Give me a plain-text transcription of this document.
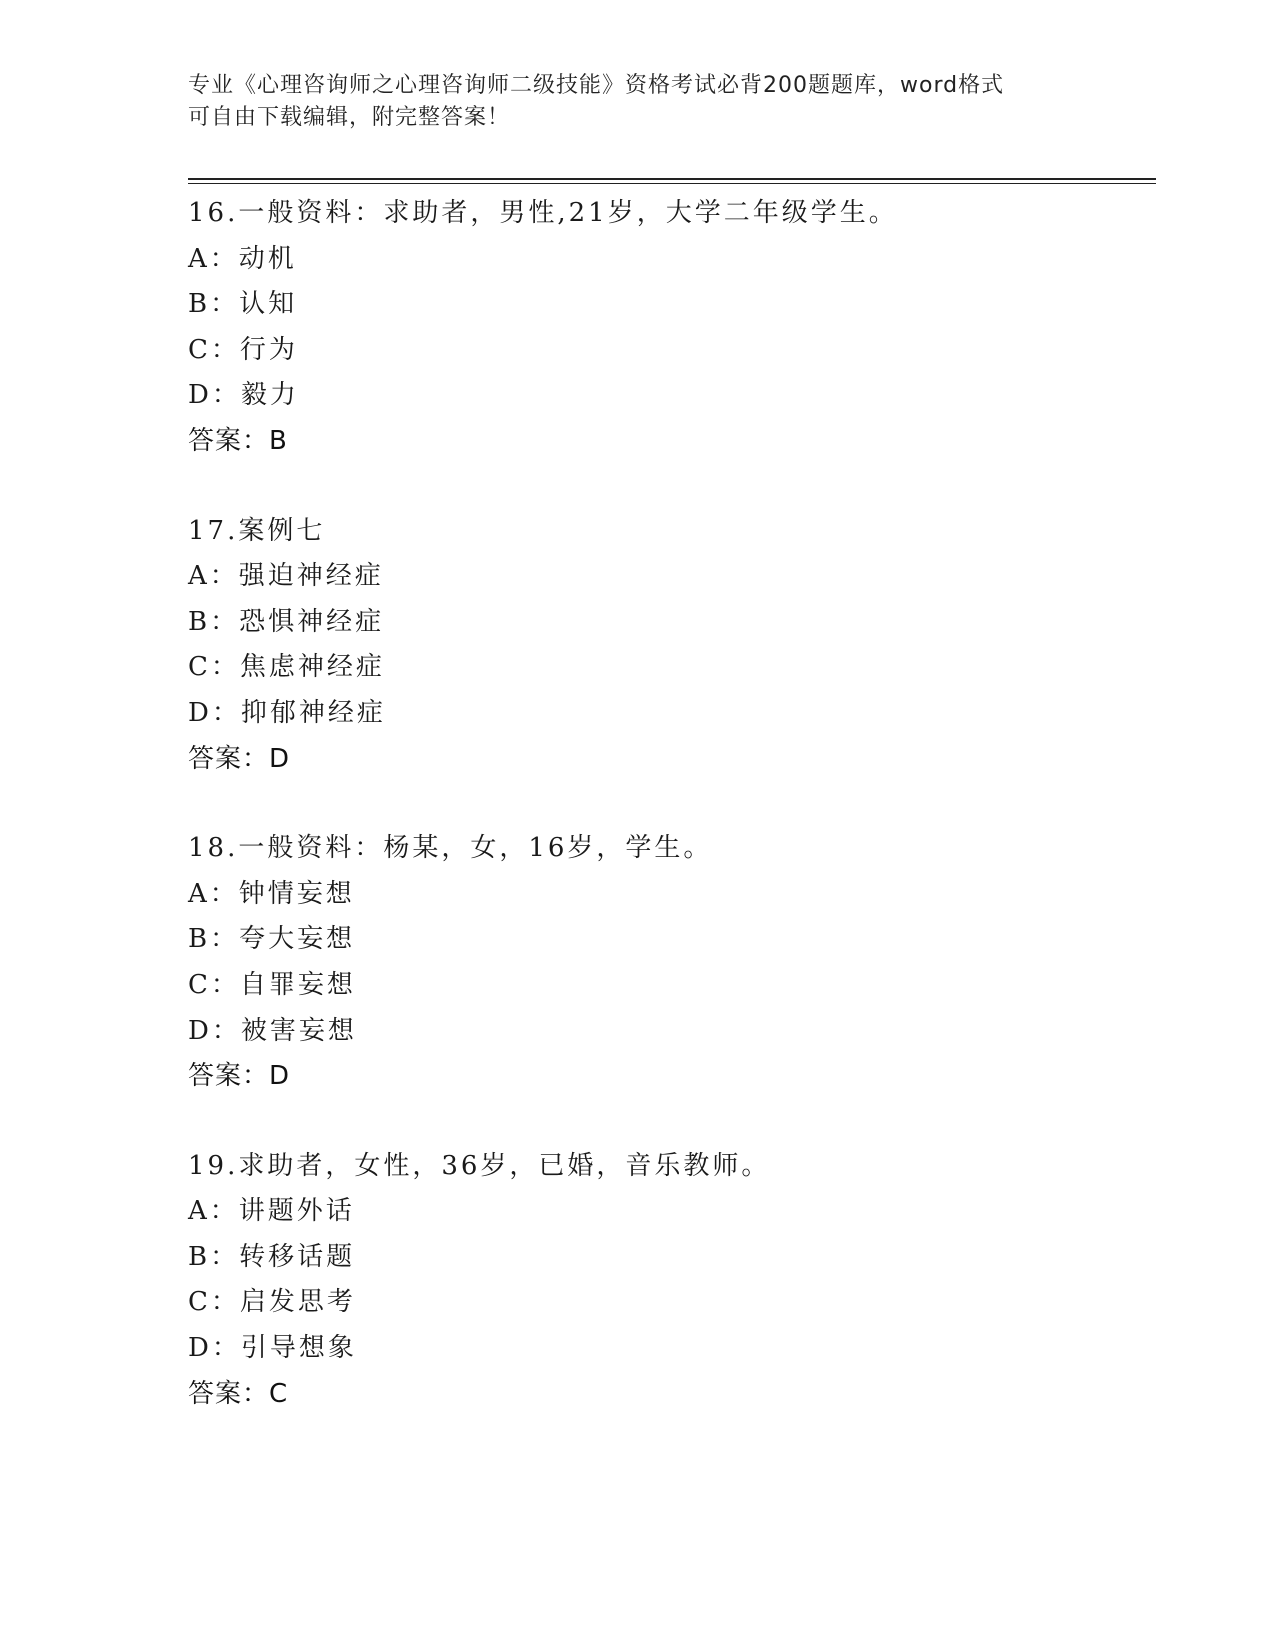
专业《心理咨询师之心理咨询师二级技能》资格考试必背200题题库，word格式
可自由下载编辑，附完整答案！
16.一般资料：求助者，男性,21岁，大学二年级学生。
A：动机
B：认知
C：行为
D：毅力
答案：B
17.案例七
A：强迫神经症
B：恐惧神经症
C：焦虑神经症
D：抑郁神经症
答案：D
18.一般资料：杨某，女，16岁，学生。
A：钟情妄想
B：夸大妄想
C：自罪妄想
D：被害妄想
答案：D
19.求助者，女性，36岁，已婚，音乐教师。
A：讲题外话
B：转移话题
C：启发思考
D：引导想象
答案：C
